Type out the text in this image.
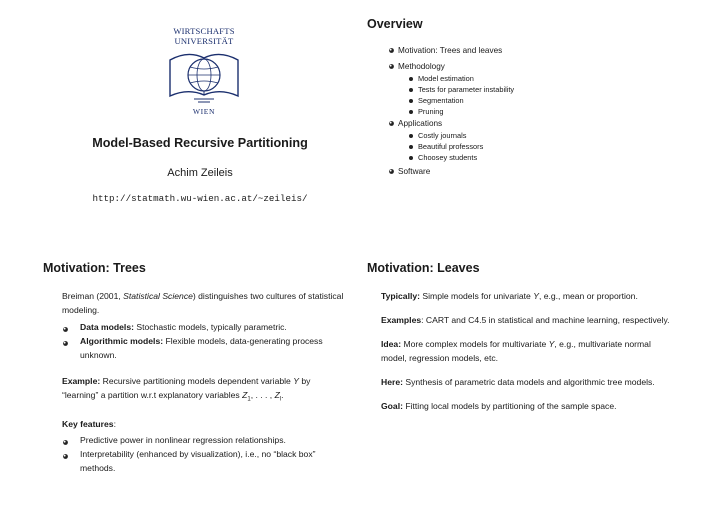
WIRTSCHAFTS
UNIVERSITÄT
WIEN
Model-Based Recursive Partitioning
Achim Zeileis
http://statmath.wu-wien.ac.at/~zeileis/
Overview
Motivation: Trees and leaves
Methodology
Model estimation
Tests for parameter instability
Segmentation
Pruning
Applications
Costly journals
Beautiful professors
Choosey students
Software
Motivation: Trees
Breiman (2001, Statistical Science) distinguishes two cultures of statistical modeling.
Data models: Stochastic models, typically parametric.
Algorithmic models: Flexible models, data-generating process unknown.
Example: Recursive partitioning models dependent variable Y by “learning” a partition w.r.t explanatory variables $Z_1$, . . . , $Z_l$.
Key features:
Predictive power in nonlinear regression relationships.
Interpretability (enhanced by visualization), i.e., no “black box” methods.
Motivation: Leaves
Typically: Simple models for univariate Y, e.g., mean or proportion.
Examples: CART and C4.5 in statistical and machine learning, respectively.
Idea: More complex models for multivariate Y, e.g., multivariate normal model, regression models, etc.
Here: Synthesis of parametric data models and algorithmic tree models.
Goal: Fitting local models by partitioning of the sample space.
